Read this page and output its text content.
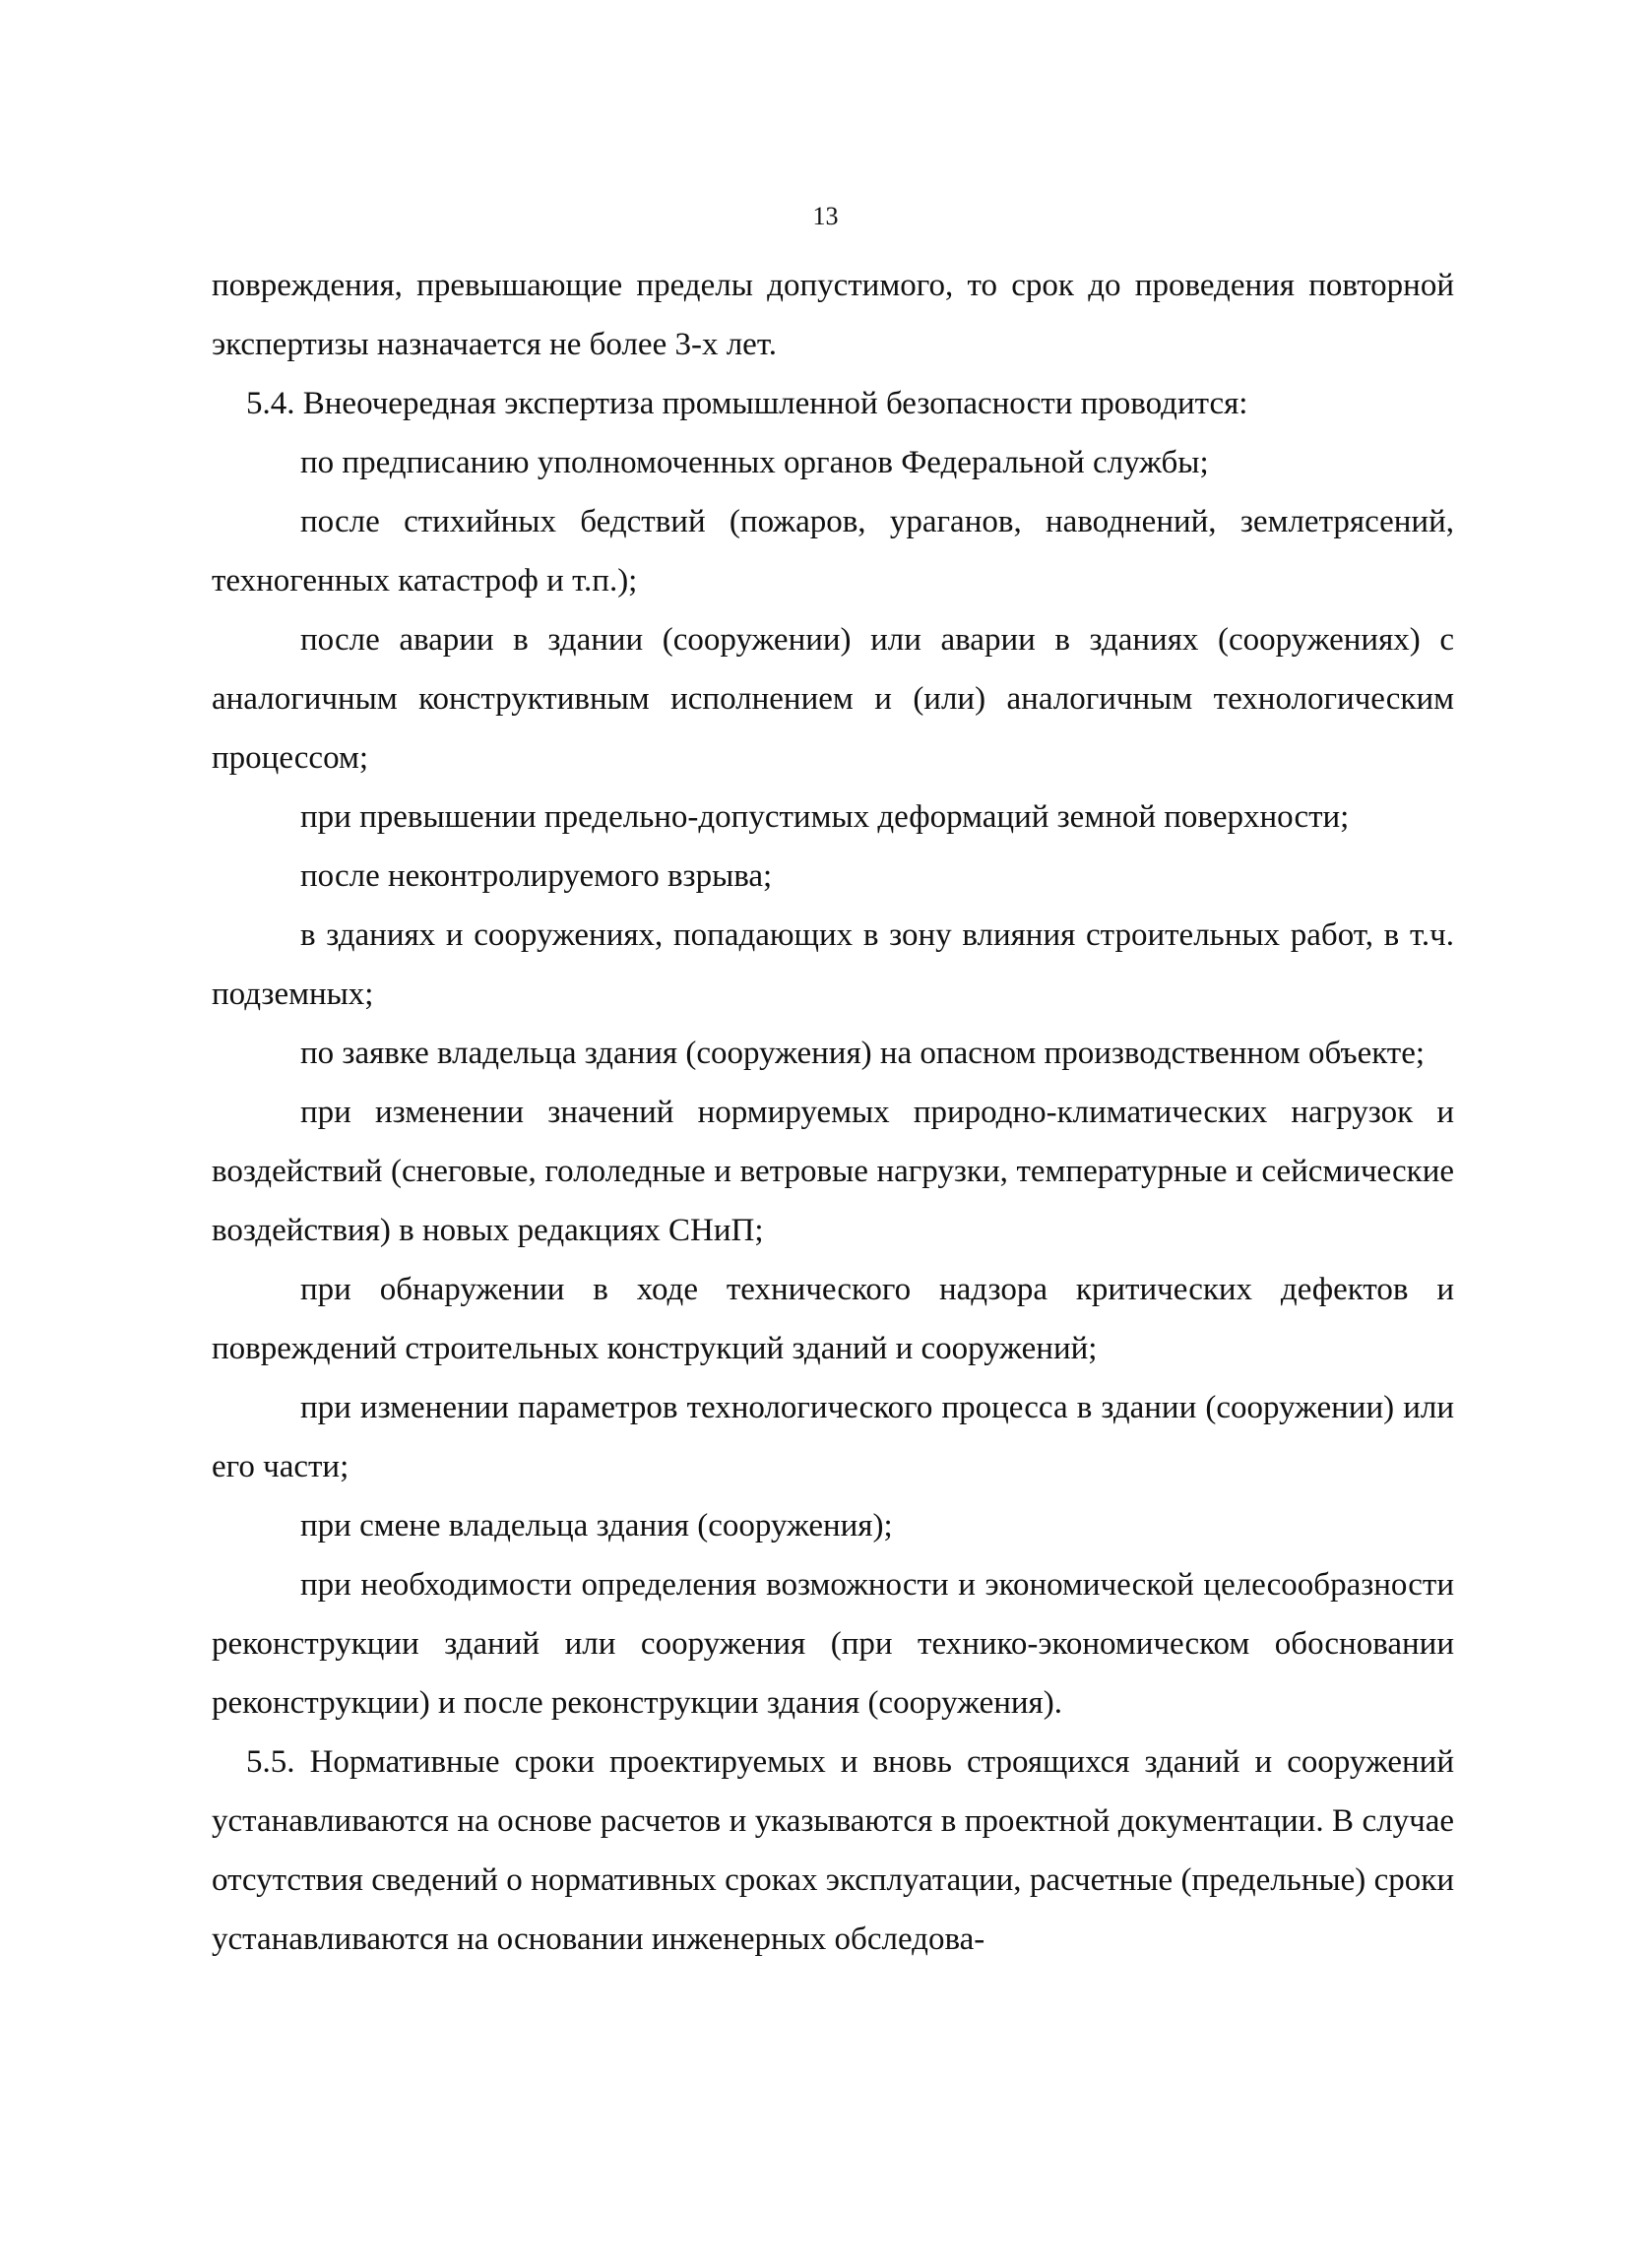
13

повреждения, превышающие пределы допустимого, то срок до проведения повторной экспертизы назначается не более 3-х лет.

5.4. Внеочередная экспертиза промышленной безопасности проводится:

по предписанию уполномоченных органов Федеральной службы;

после стихийных бедствий (пожаров, ураганов, наводнений, землетрясений, техногенных катастроф и т.п.);

после аварии в здании (сооружении) или аварии в зданиях (сооружениях) с аналогичным конструктивным исполнением и (или) аналогичным технологическим процессом;

при превышении предельно-допустимых деформаций земной поверхности;

после неконтролируемого взрыва;

в зданиях и сооружениях, попадающих в зону влияния строительных работ, в т.ч. подземных;

по заявке владельца здания (сооружения) на опасном производственном объекте;

при изменении значений нормируемых природно-климатических нагрузок и воздействий (снеговые, гололедные и ветровые нагрузки, температурные и сейсмические воздействия) в новых редакциях СНиП;

при обнаружении в ходе технического надзора критических дефектов и повреждений строительных конструкций зданий и сооружений;

при изменении параметров технологического процесса в здании (сооружении) или его части;

при смене владельца здания (сооружения);

при необходимости определения возможности и экономической целесообразности реконструкции зданий или сооружения (при технико-экономическом обосновании реконструкции) и после реконструкции здания (сооружения).

5.5. Нормативные сроки проектируемых и вновь строящихся зданий и сооружений устанавливаются на основе расчетов и указываются в проектной документации. В случае отсутствия сведений о нормативных сроках эксплуатации, расчетные (предельные) сроки устанавливаются на основании инженерных обследова-
